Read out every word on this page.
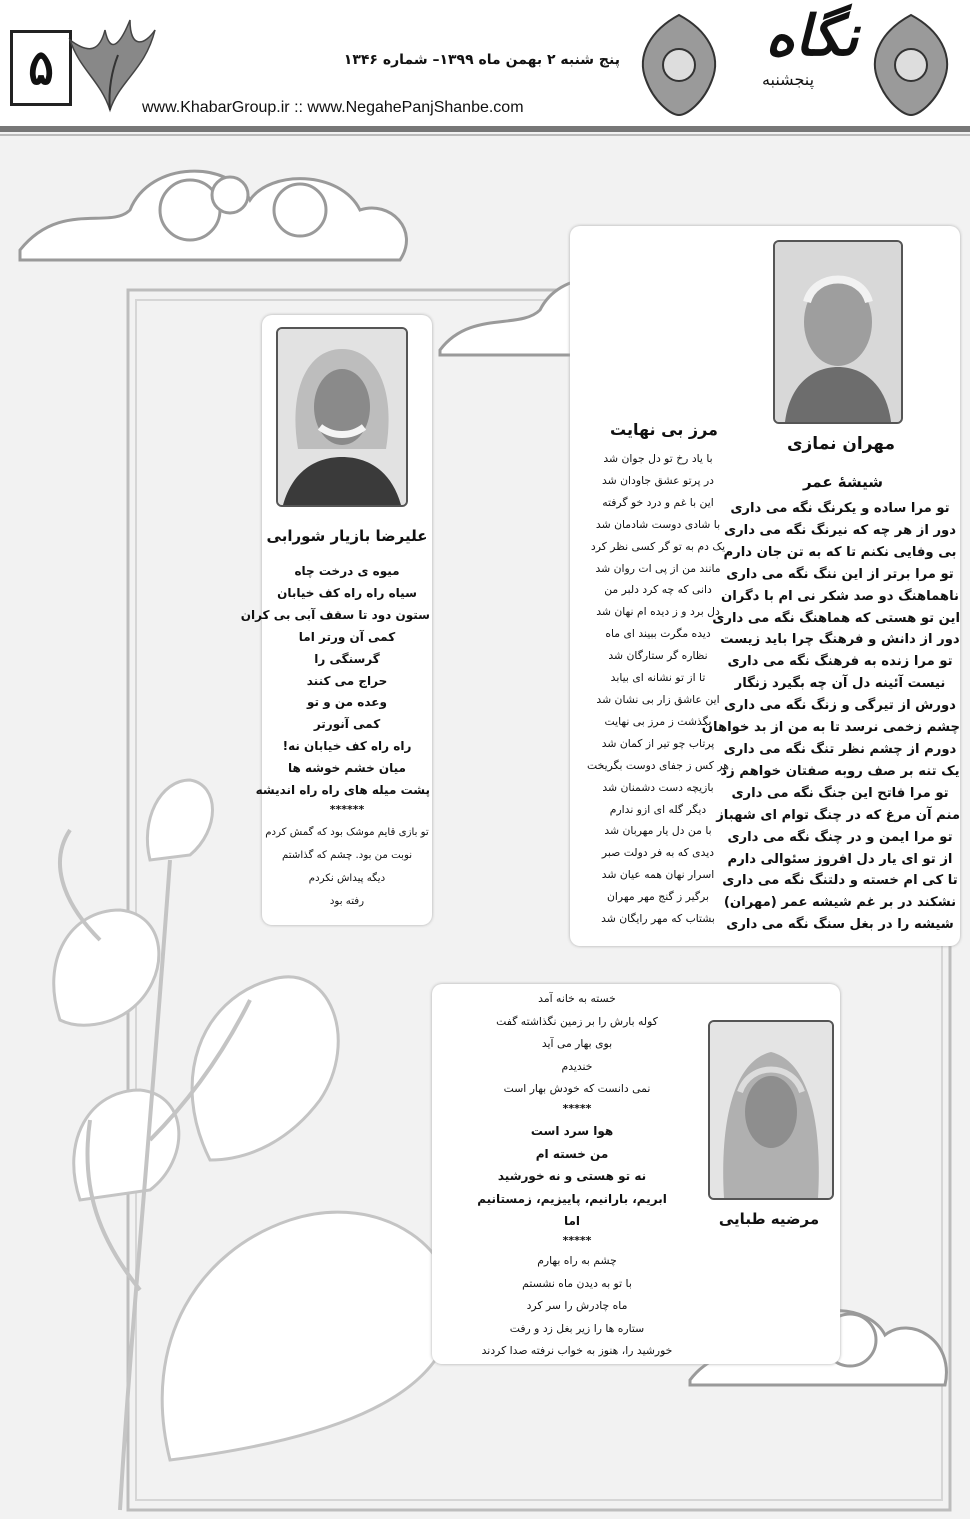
۵	پنج شنبه ۲ بهمن ماه ۱۳۹۹– شماره ۱۳۴۶
www.KhabarGroup.ir :: www.NegahePanjShanbe.com
نگاه
پنجشنبه
مهران نمازی
شیشهٔ عمر
تو مرا ساده و یکرنگ نگه می داری
دور از هر چه که نیرنگ نگه می داری
بی وفایی نکنم تا که به تن جان دارم
تو مرا برتر از این ننگ نگه می داری
ناهماهنگ دو صد شکر نی ام با دگران
این تو هستی که هماهنگ نگه می داری
دور از دانش و فرهنگ چرا باید زیست
تو مرا زنده به فرهنگ نگه می داری
نیست آئینه دل آن چه بگیرد زنگار
دورش از تیرگی و زنگ نگه می داری
چشم زخمی نرسد تا به من از بد خواهان
دورم از چشم نظر تنگ نگه می داری
یک تنه بر صف روبه صفتان خواهم زد
تو مرا فاتح این جنگ نگه می داری
منم آن مرغ که در چنگ توام ای شهباز
تو مرا ایمن و در چنگ نگه می داری
از تو ای یار دل افروز سئوالی دارم
تا کی ام خسته و دلتنگ نگه می داری
نشکند در بر غم شیشه عمر (مهران)
شیشه را در بغل سنگ نگه می داری
مرز بی نهایت
با یاد رخ تو دل جوان شد
در پرتو عشق جاودان شد
این با غم و درد خو گرفته
با شادی دوست شادمان شد
یک دم به تو گر کسی نظر کرد
مانند من از پی ات روان شد
دانی که چه کرد دلبر من
دل برد و ز دیده ام نهان شد
دیده مگرت ببیند ای ماه
نظاره گر ستارگان شد
تا از تو نشانه ای بیابد
این عاشق زار بی نشان شد
بگذشت ز مرز بی نهایت
پرتاب چو تیر از کمان شد
هر کس ز جفای دوست بگریخت
بازیچه دست دشمنان شد
دیگر گله ای ازو ندارم
با من دل یار مهربان شد
دیدی که به فر دولت صبر
اسرار نهان همه عیان شد
برگیر ز گنج مهر مهران
بشتاب که مهر رایگان شد
علیرضا بازیار شورابی
میوه ی درخت چاه
سیاه راه راه کف خیابان
ستون دود تا سقف آبی بی کران
کمی آن ورتر اما
گرسنگی را
حراج می کنند
وعده من و تو
کمی آنورتر
راه راه کف خیابان نه!
میان خشم خوشه ها
پشت میله های راه راه اندیشه
******
تو بازی قایم موشک بود که گمش کردم
نوبت من بود. چشم که گذاشتم
دیگه پیداش نکردم
رفته بود
مرضیه طبایی
خسته به خانه آمد
کوله بارش را بر زمین نگذاشته گفت
بوی بهار می آید
خندیدم
نمی دانست که خودش بهار است
*****
هوا سرد است
من خسته ام
نه تو هستی و نه خورشید
ابریم، بارانیم، پاییزیم، زمستانیم
اما
*****
چشم به راه بهارم
با تو به دیدن ماه نشستم
ماه چادرش را سر کرد
ستاره ها را زیر بغل زد و رفت
خورشید را، هنوز به خواب نرفته صدا کردند
